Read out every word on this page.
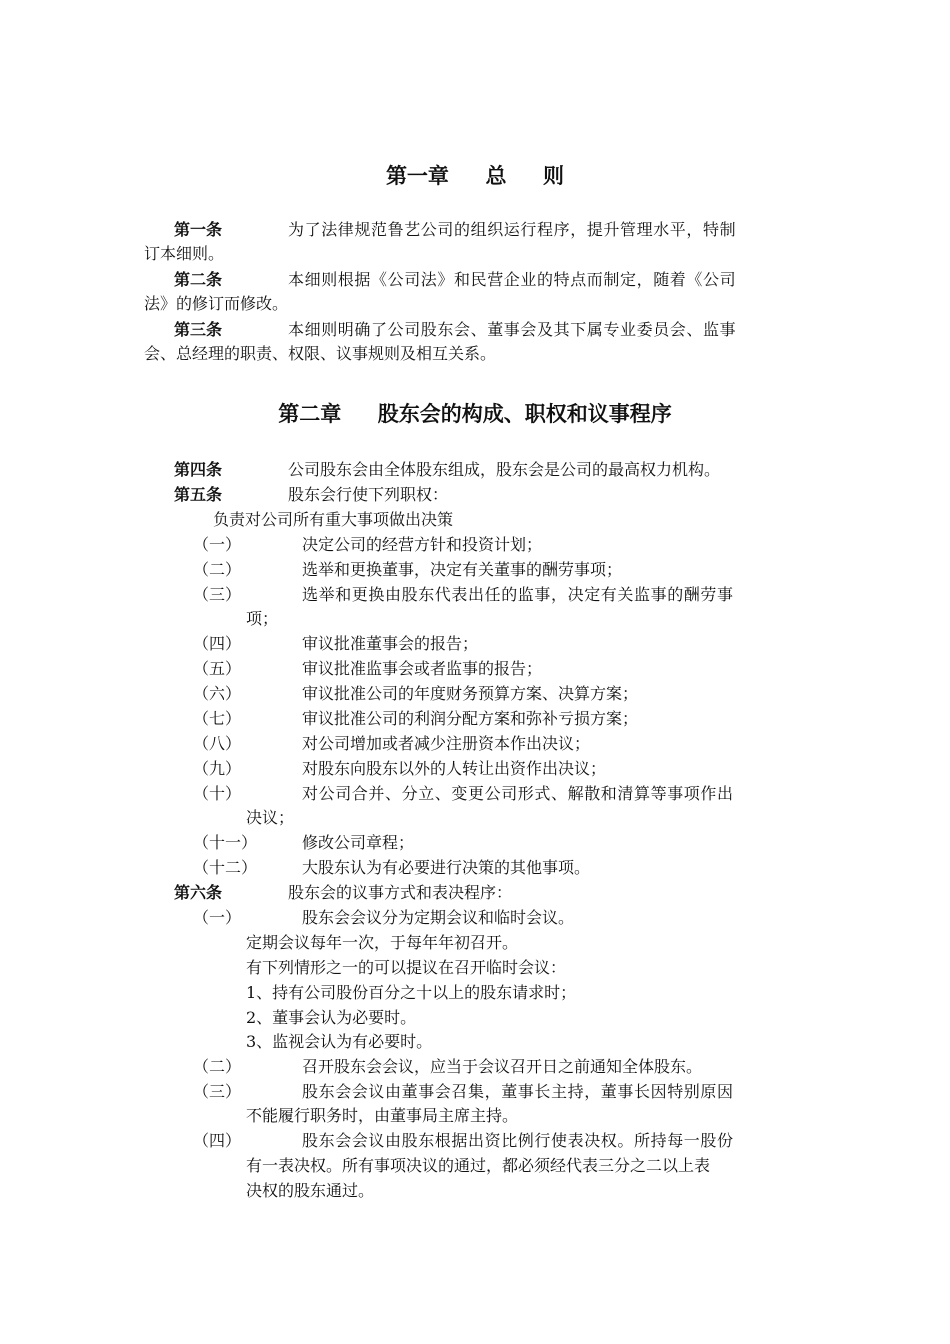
第一章     总     则
第一条	为了法律规范鲁艺公司的组织运行程序，提升管理水平，特制
订本细则。
第二条	本细则根据《公司法》和民营企业的特点而制定，随着《公司
法》的修订而修改。
第三条	本细则明确了公司股东会、董事会及其下属专业委员会、监事
会、总经理的职责、权限、议事规则及相互关系。
第二章     股东会的构成、职权和议事程序
第四条	公司股东会由全体股东组成，股东会是公司的最高权力机构。
第五条	股东会行使下列职权：
负责对公司所有重大事项做出决策
（一）	决定公司的经营方针和投资计划；
（二）	选举和更换董事，决定有关董事的酬劳事项；
（三）	选举和更换由股东代表出任的监事，决定有关监事的酬劳事
项；
（四）	审议批准董事会的报告；
（五）	审议批准监事会或者监事的报告；
（六）	审议批准公司的年度财务预算方案、决算方案；
（七）	审议批准公司的利润分配方案和弥补亏损方案；
（八）	对公司增加或者减少注册资本作出决议；
（九）	对股东向股东以外的人转让出资作出决议；
（十）	对公司合并、分立、变更公司形式、解散和清算等事项作出
决议；
（十一）	修改公司章程；
（十二）	大股东认为有必要进行决策的其他事项。
第六条	股东会的议事方式和表决程序：
（一）	股东会会议分为定期会议和临时会议。
定期会议每年一次，于每年年初召开。
有下列情形之一的可以提议在召开临时会议：
1、持有公司股份百分之十以上的股东请求时；
2、董事会认为必要时。
3、监视会认为有必要时。
（二）	召开股东会会议，应当于会议召开日之前通知全体股东。
（三）	股东会会议由董事会召集，董事长主持，董事长因特别原因
不能履行职务时，由董事局主席主持。
（四）	股东会会议由股东根据出资比例行使表决权。所持每一股份
有一表决权。所有事项决议的通过，都必须经代表三分之二以上表
决权的股东通过。
